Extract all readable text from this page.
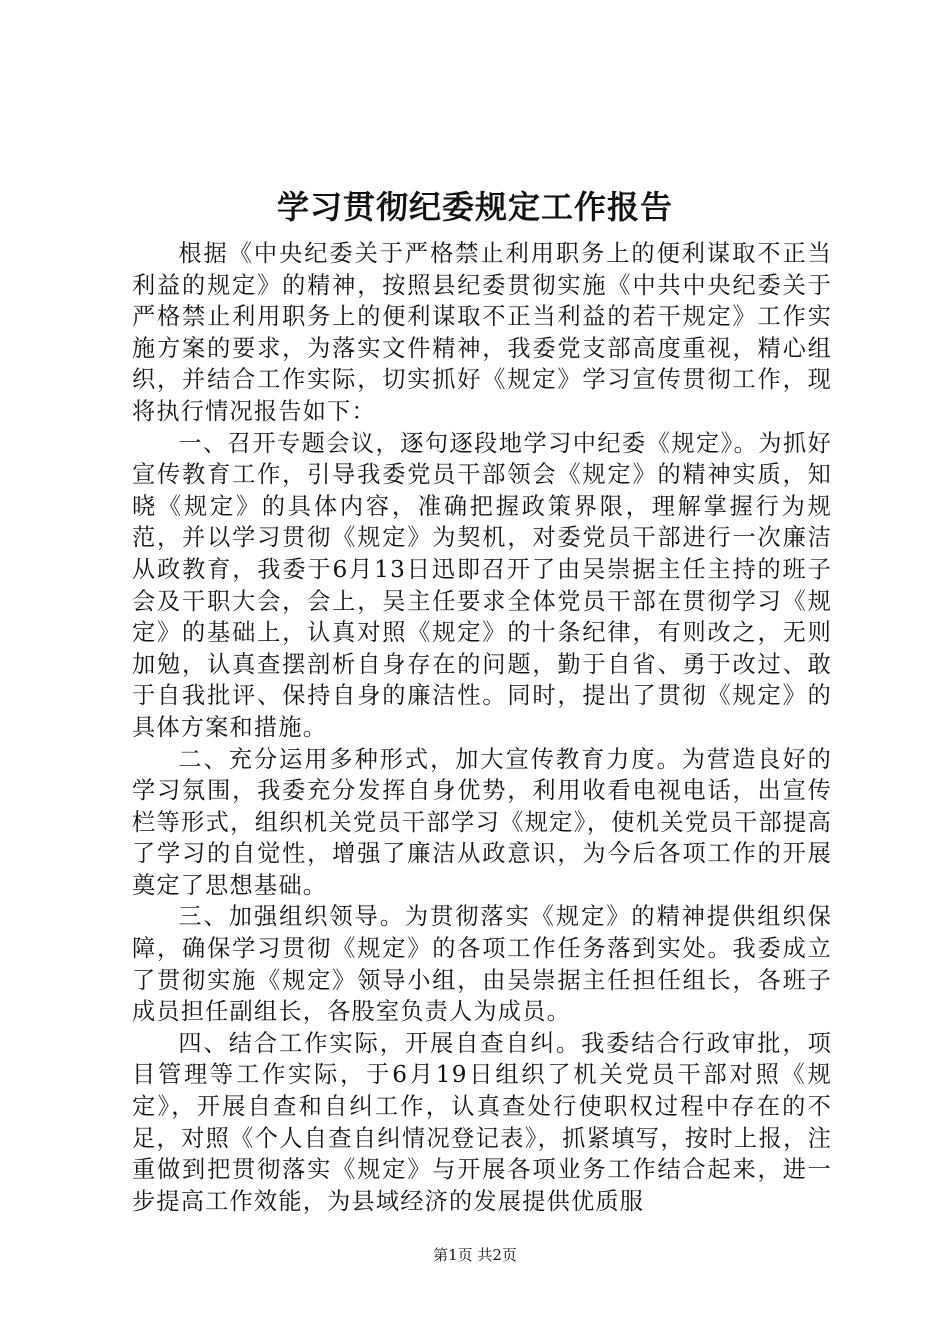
学习贯彻纪委规定工作报告

根据《中央纪委关于严格禁止利用职务上的便利谋取不正当利益的规定》的精神，按照县纪委贯彻实施《中共中央纪委关于严格禁止利用职务上的便利谋取不正当利益的若干规定》工作实施方案的要求，为落实文件精神，我委党支部高度重视，精心组织，并结合工作实际，切实抓好《规定》学习宣传贯彻工作，现将执行情况报告如下：

一、召开专题会议，逐句逐段地学习中纪委《规定》。为抓好宣传教育工作，引导我委党员干部领会《规定》的精神实质，知晓《规定》的具体内容，准确把握政策界限，理解掌握行为规范，并以学习贯彻《规定》为契机，对委党员干部进行一次廉洁从政教育，我委于6月13日迅即召开了由吴崇据主任主持的班子会及干职大会，会上，吴主任要求全体党员干部在贯彻学习《规定》的基础上，认真对照《规定》的十条纪律，有则改之，无则加勉，认真查摆剖析自身存在的问题，勤于自省、勇于改过、敢于自我批评、保持自身的廉洁性。同时，提出了贯彻《规定》的具体方案和措施。

二、充分运用多种形式，加大宣传教育力度。为营造良好的学习氛围，我委充分发挥自身优势，利用收看电视电话，出宣传栏等形式，组织机关党员干部学习《规定》，使机关党员干部提高了学习的自觉性，增强了廉洁从政意识，为今后各项工作的开展奠定了思想基础。

三、加强组织领导。为贯彻落实《规定》的精神提供组织保障，确保学习贯彻《规定》的各项工作任务落到实处。我委成立了贯彻实施《规定》领导小组，由吴崇据主任担任组长，各班子成员担任副组长，各股室负责人为成员。

四、结合工作实际，开展自查自纠。我委结合行政审批，项目管理等工作实际，于6月19日组织了机关党员干部对照《规定》，开展自查和自纠工作，认真查处行使职权过程中存在的不足，对照《个人自查自纠情况登记表》，抓紧填写，按时上报，注重做到把贯彻落实《规定》与开展各项业务工作结合起来，进一步提高工作效能，为县域经济的发展提供优质服

第1页 共2页
